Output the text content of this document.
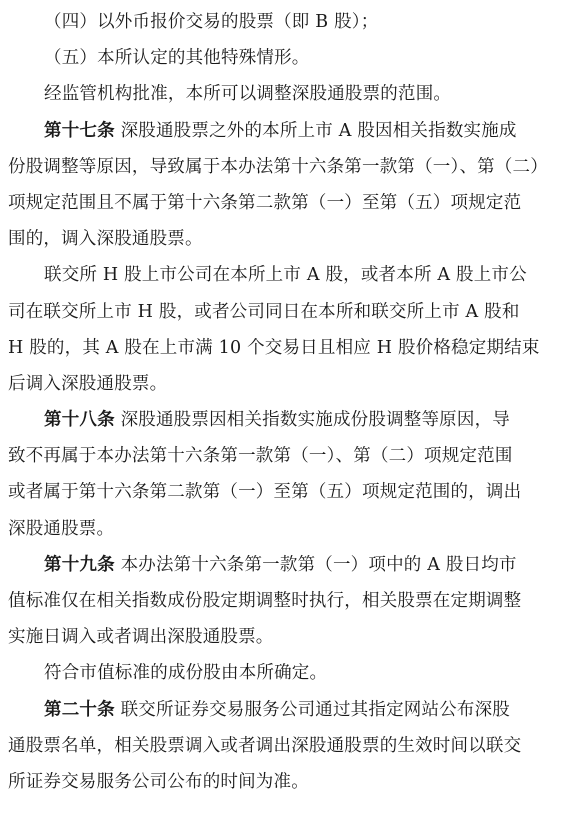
（四）以外币报价交易的股票（即 B 股）；
（五）本所认定的其他特殊情形。
经监管机构批准，本所可以调整深股通股票的范围。
第十七条 深股通股票之外的本所上市 A 股因相关指数实施成
份股调整等原因，导致属于本办法第十六条第一款第（一）、第（二）
项规定范围且不属于第十六条第二款第（一）至第（五）项规定范
围的，调入深股通股票。
联交所 H 股上市公司在本所上市 A 股，或者本所 A 股上市公
司在联交所上市 H 股，或者公司同日在本所和联交所上市 A 股和
H 股的，其 A 股在上市满 10 个交易日且相应 H 股价格稳定期结束
后调入深股通股票。
第十八条 深股通股票因相关指数实施成份股调整等原因，导
致不再属于本办法第十六条第一款第（一）、第（二）项规定范围
或者属于第十六条第二款第（一）至第（五）项规定范围的，调出
深股通股票。
第十九条 本办法第十六条第一款第（一）项中的 A 股日均市
值标准仅在相关指数成份股定期调整时执行，相关股票在定期调整
实施日调入或者调出深股通股票。
符合市值标准的成份股由本所确定。
第二十条 联交所证券交易服务公司通过其指定网站公布深股
通股票名单，相关股票调入或者调出深股通股票的生效时间以联交
所证券交易服务公司公布的时间为准。
